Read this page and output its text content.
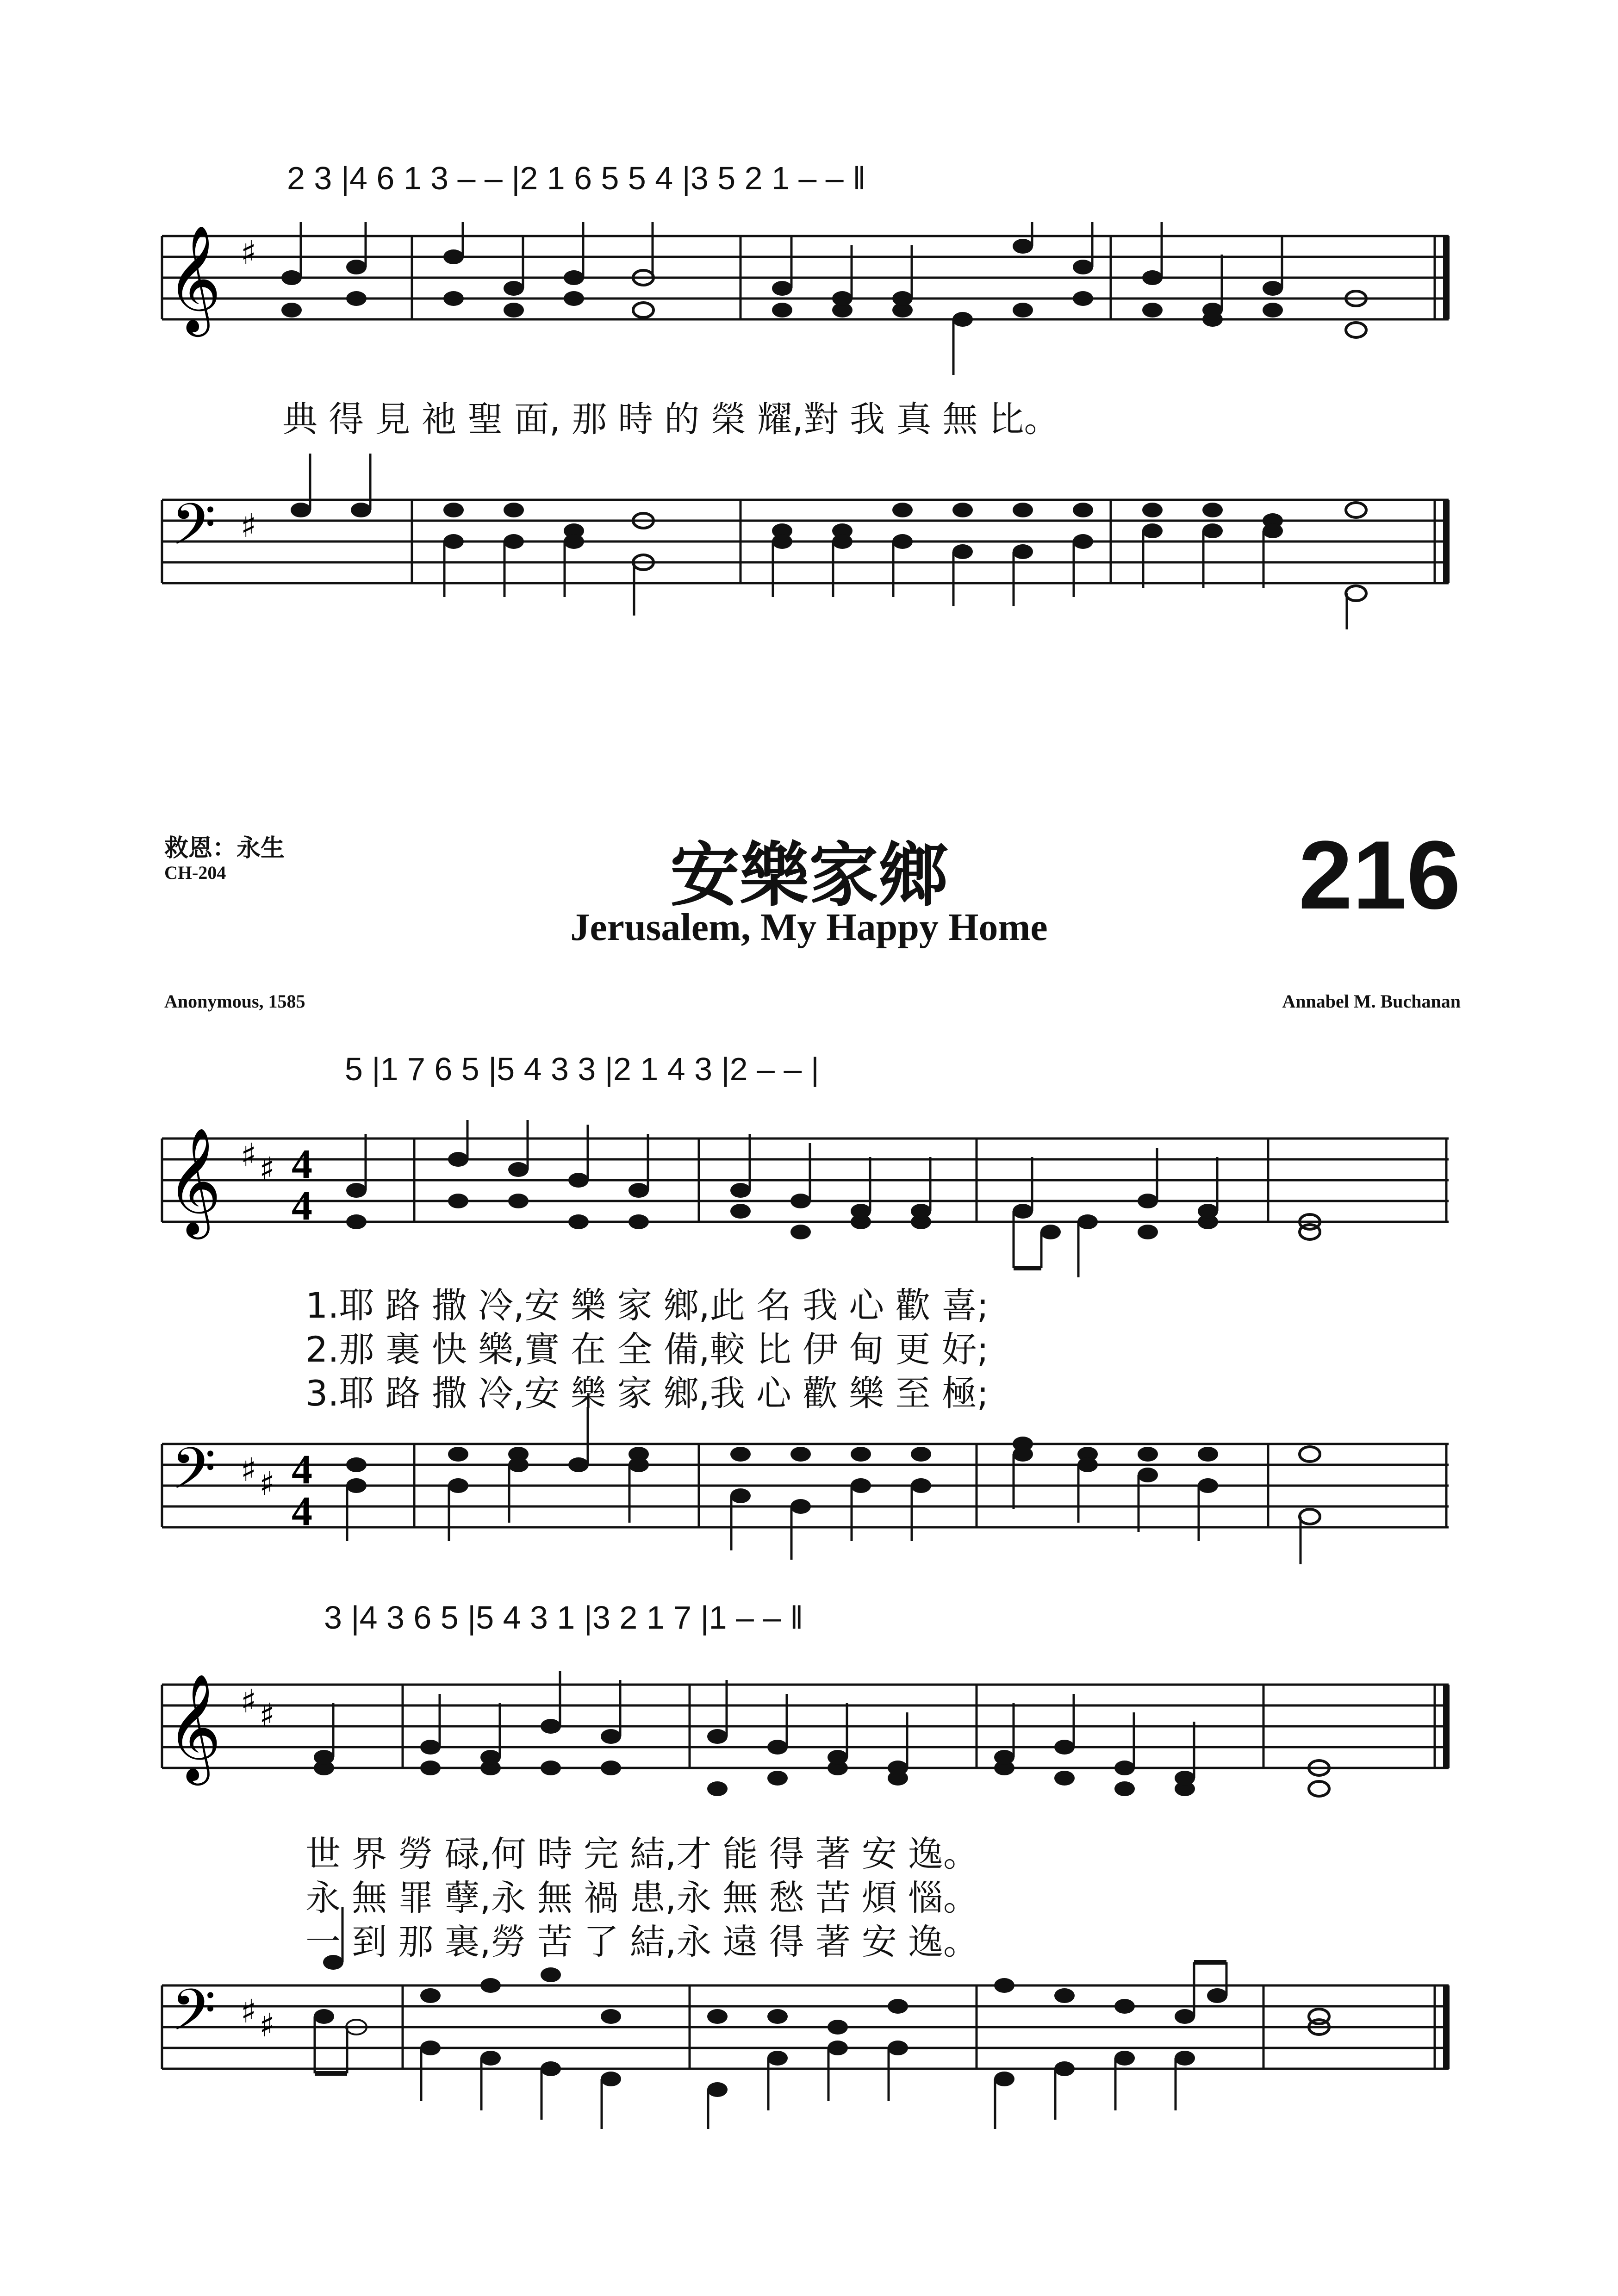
2 3 |4 6 1 3 – – |2 1 6 5 5 4 |3 5 2 1 – – ‖
𝄞 ♯
𝄢 ♯
典 得 見 祂 聖 面, 那 時 的 榮 耀,對 我 真 無 比。
救恩：永生
CH-204	安樂家鄉
Jerusalem, My Happy Home	216
Anonymous, 1585	Annabel M. Buchanan
5 |1 7 6 5 |5 4 3 3 |2 1 4 3 |2 – – |
𝄞 ♯ ♯ 4
4
𝄢 ♯ ♯ 4
4
1.耶 路 撒 冷,安 樂 家 鄉,此 名 我 心 歡 喜;
2.那 裏 快 樂,實 在 全 備,較 比 伊 甸 更 好;
3.耶 路 撒 冷,安 樂 家 鄉,我 心 歡 樂 至 極;
3 |4 3 6 5 |5 4 3 1 |3 2 1 7 |1 – – ‖
𝄞 ♯ ♯
𝄢 ♯ ♯
世 界 勞 碌,何 時 完 結,才 能 得 著 安 逸。
永 無 罪 孽,永 無 禍 患,永 無 愁 苦 煩 惱。
一 到 那 裏,勞 苦 了 結,永 遠 得 著 安 逸。
